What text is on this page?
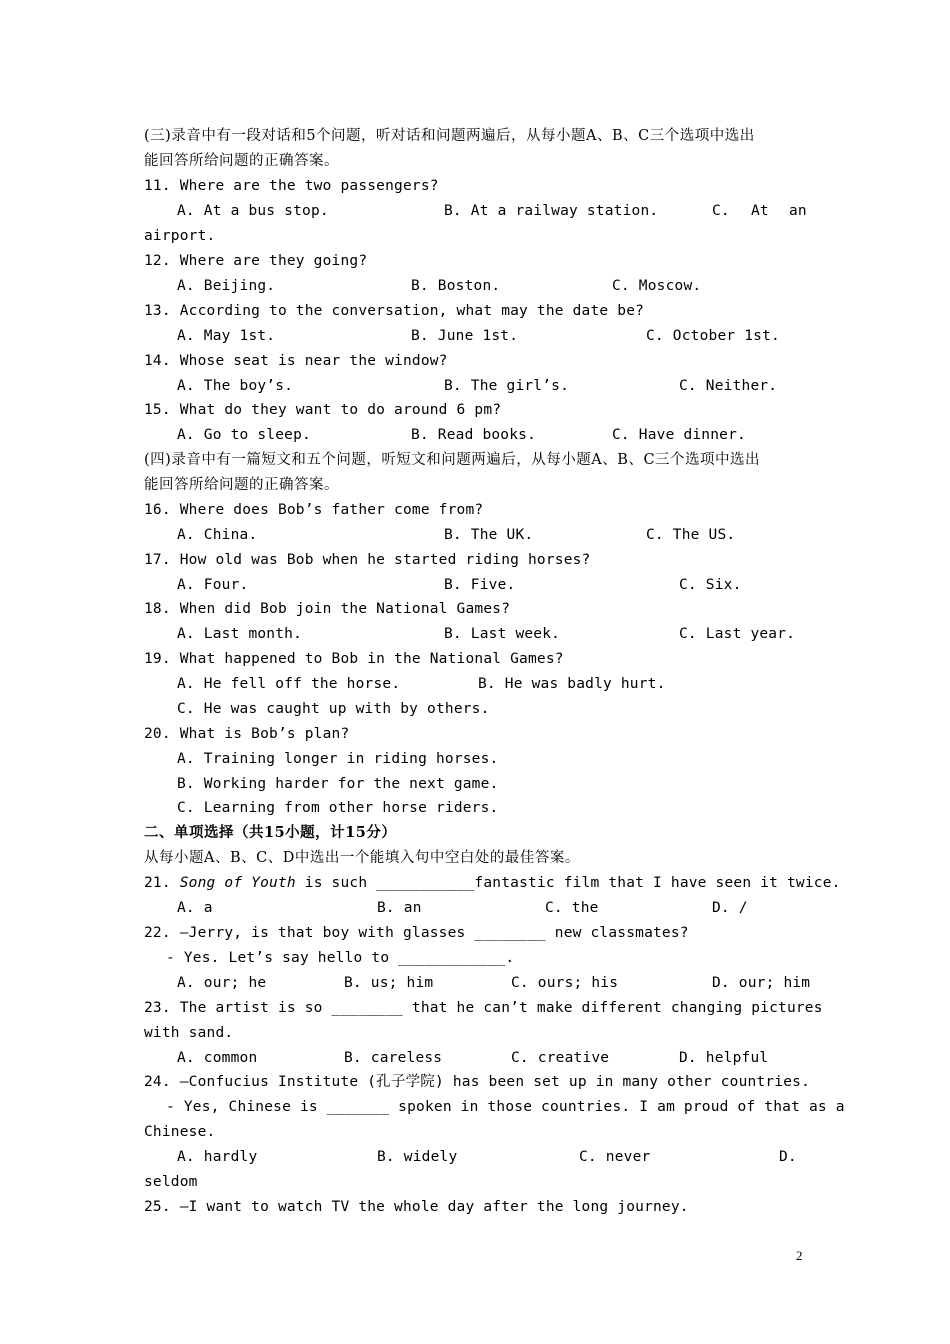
(三)录音中有一段对话和5个问题，听对话和问题两遍后，从每小题A、B、C三个选项中选出
能回答所给问题的正确答案。
11. Where are the two passengers?

A. At a bus stop.

	B. At a railway station.

	C.

At

an

airport.
12. Where are they going?

A. Beijing.

	B. Boston.

	C. Moscow.

13. According to the conversation, what may the date be?

A. May 1st.

	B. June 1st.

	C. October 1st.

14. Whose seat is near the window?

A. The boy’s.

	B. The girl’s.

	C. Neither.

15. What do they want to do around 6 pm?

A. Go to sleep.

	B. Read books.

	C. Have dinner.

(四)录音中有一篇短文和五个问题，听短文和问题两遍后，从每小题A、B、C三个选项中选出
能回答所给问题的正确答案。
16. Where does Bob’s father come from?

A. China.

	B. The UK.

	C. The US.

17. How old was Bob when he started riding horses?

A. Four.

	B. Five.

	C. Six.

18. When did Bob join the National Games?

A. Last month.

	B. Last week.

	C. Last year.

19. What happened to Bob in the National Games?

A. He fell off the horse.

	B. He was badly hurt.

C. He was caught up with by others.
20. What is Bob’s plan?
A. Training longer in riding horses.
B. Working harder for the next game.
C. Learning from other horse riders.
二、单项选择（共15小题，计15分）
从每小题A、B、C、D中选出一个能填入句中空白处的最佳答案。
21. Song of Youth is such ___________fantastic film that I have seen it twice.

A. a

	B. an

	C. the

	D. /

22. –Jerry, is that boy with glasses ________ new classmates?
- Yes. Let’s say hello to ____________.

A. our; he

	B. us; him

	C. ours; his

	D. our; him

23. The artist is so ________ that he can’t make different changing pictures
with sand.

A. common

	B. careless

	C. creative

	D. helpful

24. –Confucius Institute (孔子学院) has been set up in many other countries.
- Yes, Chinese is _______ spoken in those countries. I am proud of that as a
Chinese.

A. hardly

	B. widely

	C. never

	D.

seldom
25. –I want to watch TV the whole day after the long journey.
2
